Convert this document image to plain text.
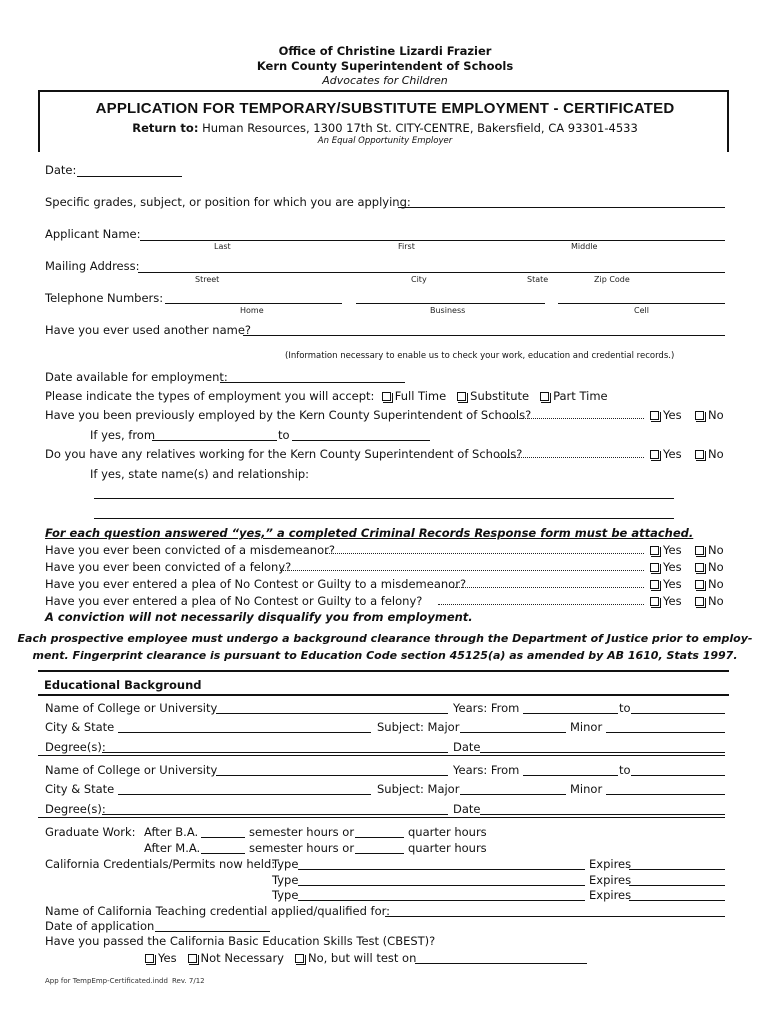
Office of Christine Lizardi Frazier
Kern County Superintendent of Schools
Advocates for Children
APPLICATION FOR TEMPORARY/SUBSTITUTE EMPLOYMENT - CERTIFICATED
Return to: Human Resources, 1300 17th St. CITY-CENTRE, Bakersfield, CA 93301-4533
An Equal Opportunity Employer
Date:
Specific grades, subject, or position for which you are applying:
Applicant Name:
Last	First	Middle
Mailing Address:
Street	City	State	Zip Code
Telephone Numbers:
Home	Business	Cell
Have you ever used another name?
(Information necessary to enable us to check your work, education and credential records.)
Date available for employment:
Please indicate the types of employment you will accept: Full Time Substitute Part Time
Have you been previously employed by the Kern County Superintendent of Schools?	Yes	No
If yes, from	to
Do you have any relatives working for the Kern County Superintendent of Schools?	Yes	No
If yes, state name(s) and relationship:
For each question answered “yes,” a completed Criminal Records Response form must be attached.
Have you ever been convicted of a misdemeanor?	Yes	No
Have you ever been convicted of a felony?	Yes	No
Have you ever entered a plea of No Contest or Guilty to a misdemeanor?	Yes	No
Have you ever entered a plea of No Contest or Guilty to a felony?	Yes	No
A conviction will not necessarily disqualify you from employment.
Each prospective employee must undergo a background clearance through the Department of Justice prior to employ-
ment. Fingerprint clearance is pursuant to Education Code section 45125(a) as amended by AB 1610, Stats 1997.
Educational Background
Name of College or University	Years: From	to
City & State	Subject: Major	Minor
Degree(s):	Date
Name of College or University	Years: From	to
City & State	Subject: Major	Minor
Degree(s):	Date
Graduate Work: After B.A.	semester hours or	quarter hours
After M.A.	semester hours or	quarter hours
California Credentials/Permits now held:
Type	Expires
Type	Expires
Type	Expires
Name of California Teaching credential applied/qualified for:
Date of application
Have you passed the California Basic Education Skills Test (CBEST)?
Yes Not Necessary No, but will test on
App for TempEmp-Certificated.indd Rev. 7/12
